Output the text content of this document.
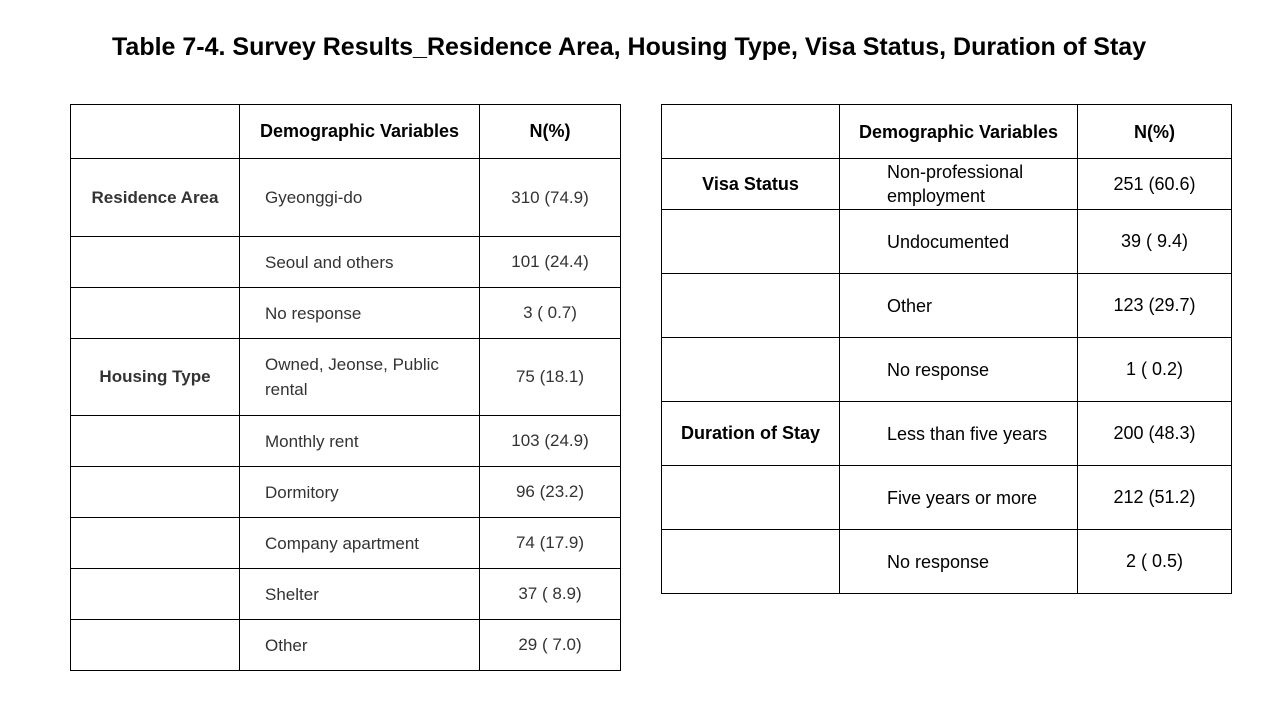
Table 7-4. Survey Results_Residence Area, Housing Type, Visa Status, Duration of Stay
	Demographic Variables	N(%)
Residence Area	Gyeonggi-do	310 (74.9)
	Seoul and others	101 (24.4)
	No response	3 ( 0.7)
Housing Type	Owned, Jeonse, Public rental	75 (18.1)
	Monthly rent	103 (24.9)
	Dormitory	96 (23.2)
	Company apartment	74 (17.9)
	Shelter	37 ( 8.9)
	Other	29 ( 7.0)
	Demographic Variables	N(%)
Visa Status	Non-professional employment	251 (60.6)
	Undocumented	39 ( 9.4)
	Other	123 (29.7)
	No response	1 ( 0.2)
Duration of Stay	Less than five years	200 (48.3)
	Five years or more	212 (51.2)
	No response	2 ( 0.5)
